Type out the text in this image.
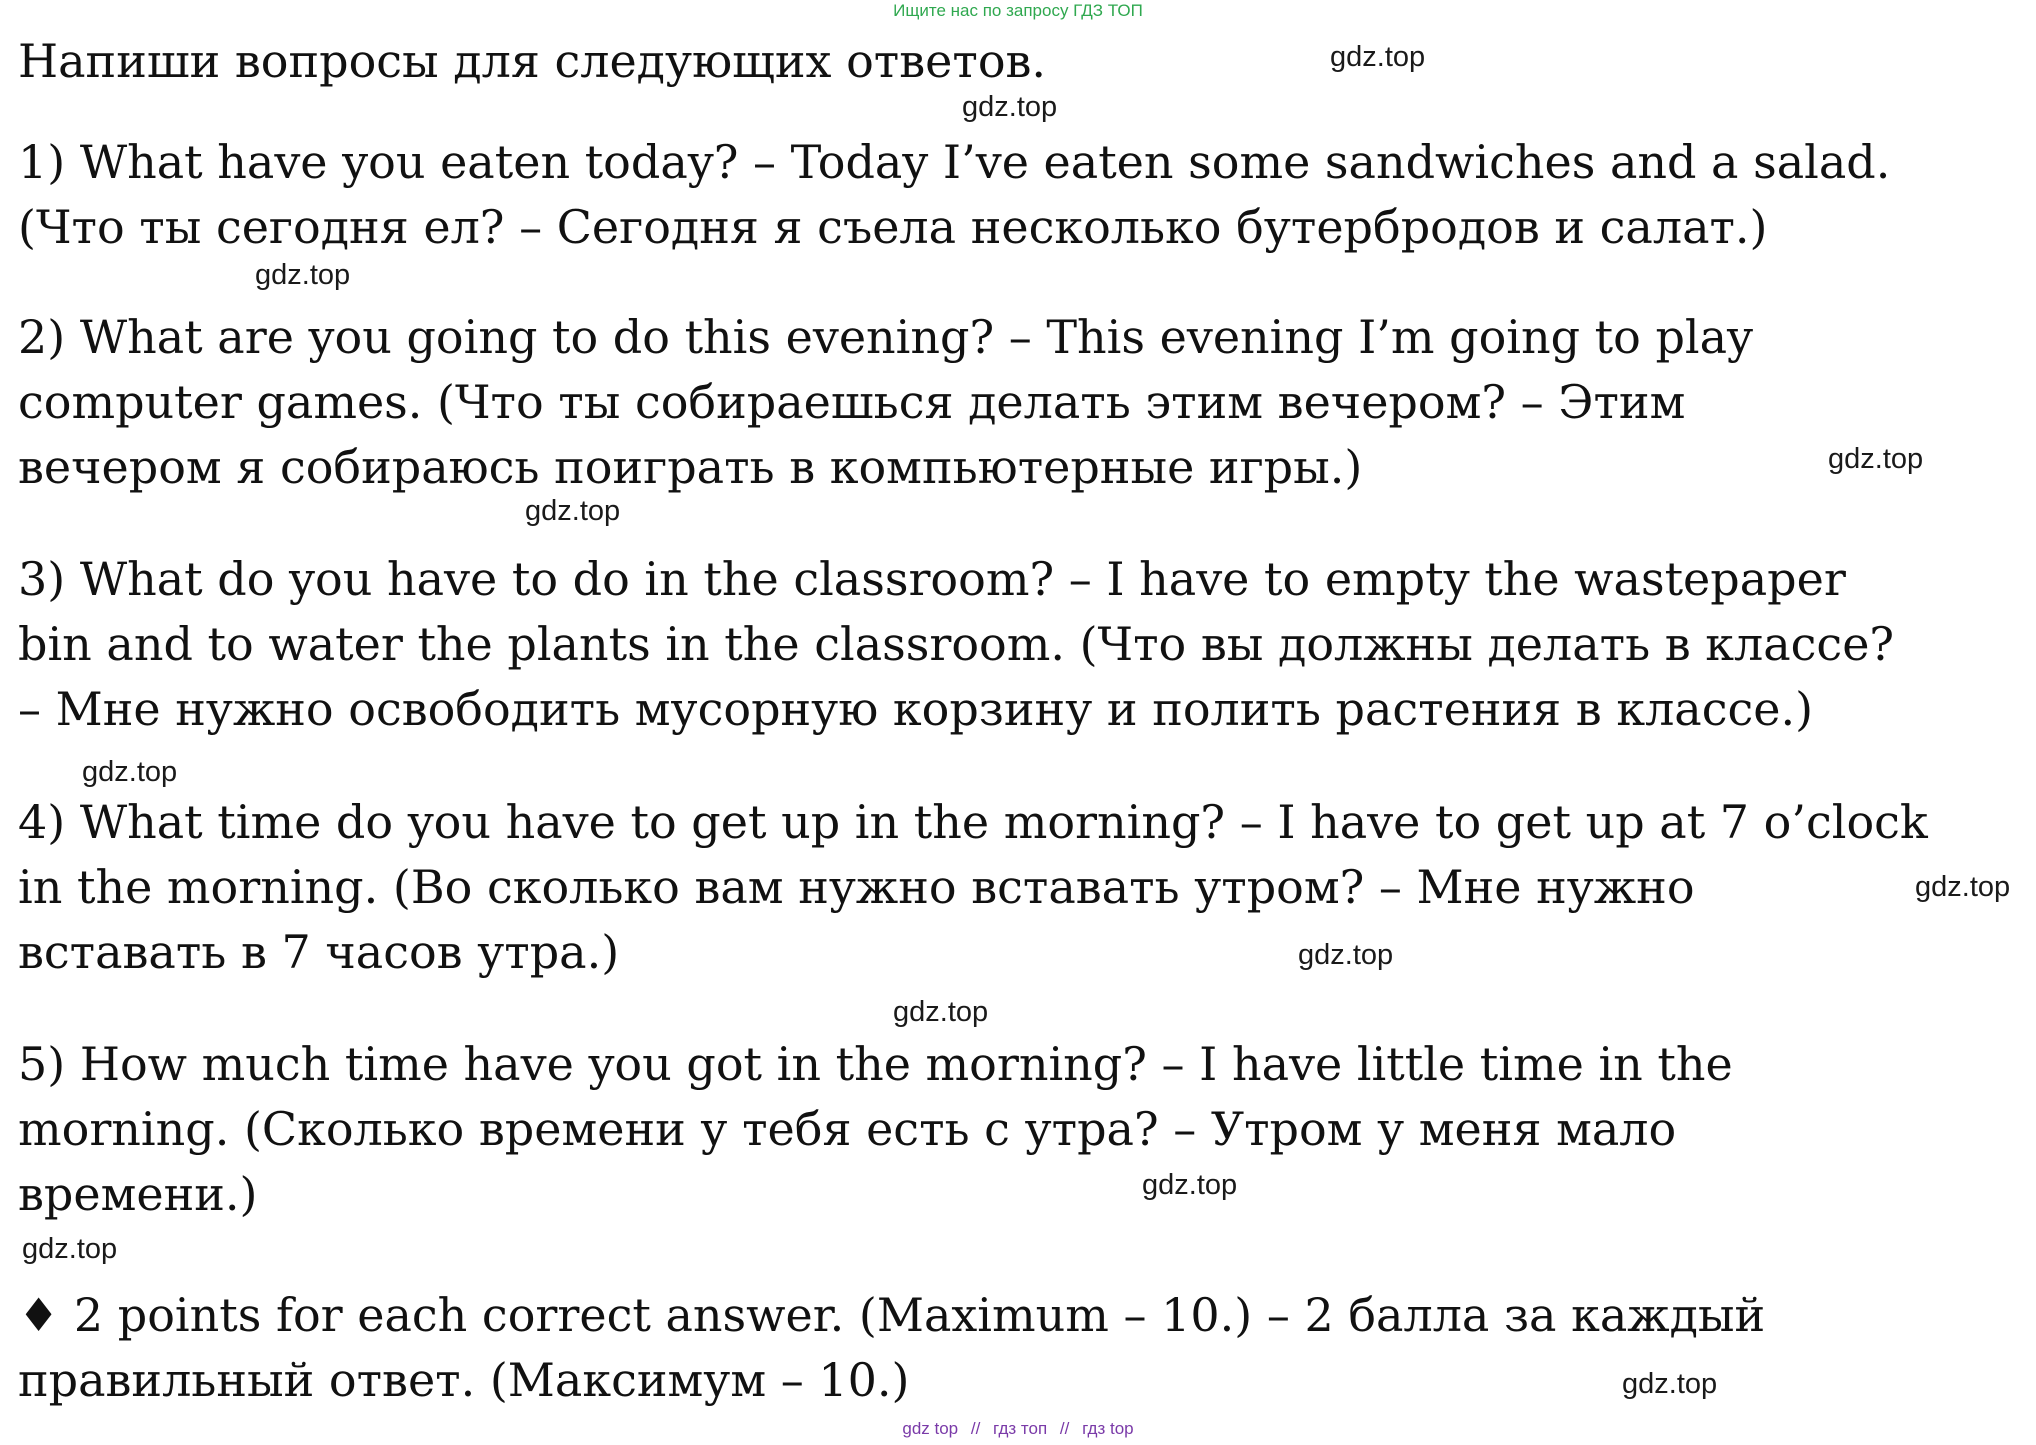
Ищите нас по запросу ГДЗ ТОП
Напиши вопросы для следующих ответов.

1) What have you eaten today? – Today I’ve eaten some sandwiches and a salad.
(Что ты сегодня ел? – Сегодня я съела несколько бутербродов и салат.)

2) What are you going to do this evening? – This evening I’m going to play
computer games. (Что ты собираешься делать этим вечером? – Этим
вечером я собираюсь поиграть в компьютерные игры.)

3) What do you have to do in the classroom? – I have to empty the wastepaper
bin and to water the plants in the classroom. (Что вы должны делать в классе?
– Мне нужно освободить мусорную корзину и полить растения в классе.)

4) What time do you have to get up in the morning? – I have to get up at 7 o’clock
in the morning. (Во сколько вам нужно вставать утром? – Мне нужно
вставать в 7 часов утра.)

5) How much time have you got in the morning? – I have little time in the
morning. (Сколько времени у тебя есть с утра? – Утром у меня мало
времени.)

♦ 2 points for each correct answer. (Maximum – 10.) – 2 балла за каждый
правильный ответ. (Максимум – 10.)

gdz.top
gdz.top
gdz.top
gdz.top
gdz.top
gdz.top
gdz.top
gdz.top
gdz.top
gdz.top
gdz.top
gdz.top
gdz top // гдз топ // гдз top
